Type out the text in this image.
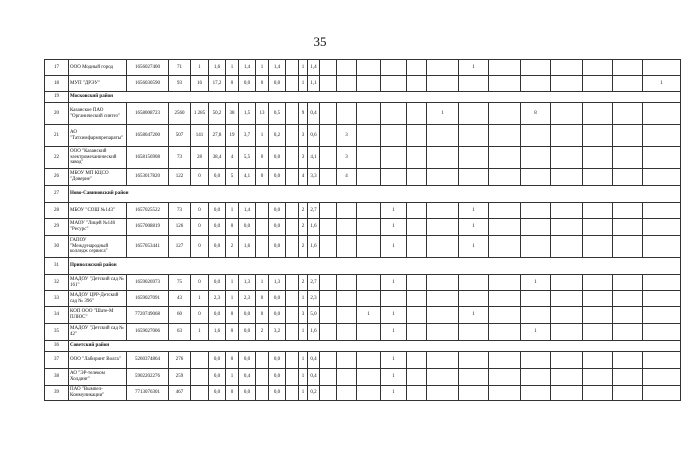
35
17	ООО Модный город	1656027400	71	1	1,6	1	1,4	1	1,4		1	1,4							1						
18	МУП "ДРЭУ"	1656030590	93	16	17,2	0	0,0	0	0,0		1	1,1													1
19	Московский район																								
20	Казанское ПАО "Органический синтез"	1658008723	2560	1 285	50,2	38	1,5	13	0,5		9	0,4						1			8				
21	АО "Татхимфармпрепараты"	1658047200	507	141	27,8	19	3,7	1	0,2		3	0,6		3											
22	ООО "Казанский электромеханический завод"	1658156908	73	28	38,4	4	5,5	0	0,0		3	4,1		3											
26	МБОУ МП КЦСО "Доверие"	1653017820	122	0	0,0	5	4,1	0	0,0		4	3,3		4											
27	Ново-Савиновский район																								
28	МБОУ "СОШ №143"	1657025522	73	0	0,0	1	1,4		0,0		2	2,7				1			1						
29	МАОУ "Лицей №146 "Ресурс"	1657008819	126	0	0,0	0	0,0		0,0		2	1,6				1			1						
30	ГАПОУ "Международный колледж сервиса"	1657053441	127	0	0,0	2	1,6		0,0		2	1,6				1			1						
31	Приволжский район																								
32	МАДОУ "Детский сад № 161"	1659026973	75	0	0,0	1	1,3	1	1,3		2	2,7				1					1				
33	МАДОУ ЦРР-Детский сад № 396"	1659027091	43	1	2,3	1	2,3	0	0,0		1	2,3													
34	КОП ООО "Шате-М ПЛЮС"	7720749068	60	0	0,0	0	0,0	0	0,0		3	5,0			1	1			1						
35	МАДОУ "Детский сад № 42"	1659027006	63	1	1,6	0	0,0	2	3,2		1	1,6				1					1				
36	Советский район																								
37	ООО "Лабиринт Волга"	5260374864	276		0,0	0	0,0		0,0		1	0,4				1									
38	АО "ЭР-телеком Холдинг"	5902202276	259		0,0	1	0,4		0,0		1	0,4				1									
39	ПАО "Вымпел-Коммуникации"	7713076301	467		0,0	0	0,0		0,0		1	0,2				1									
